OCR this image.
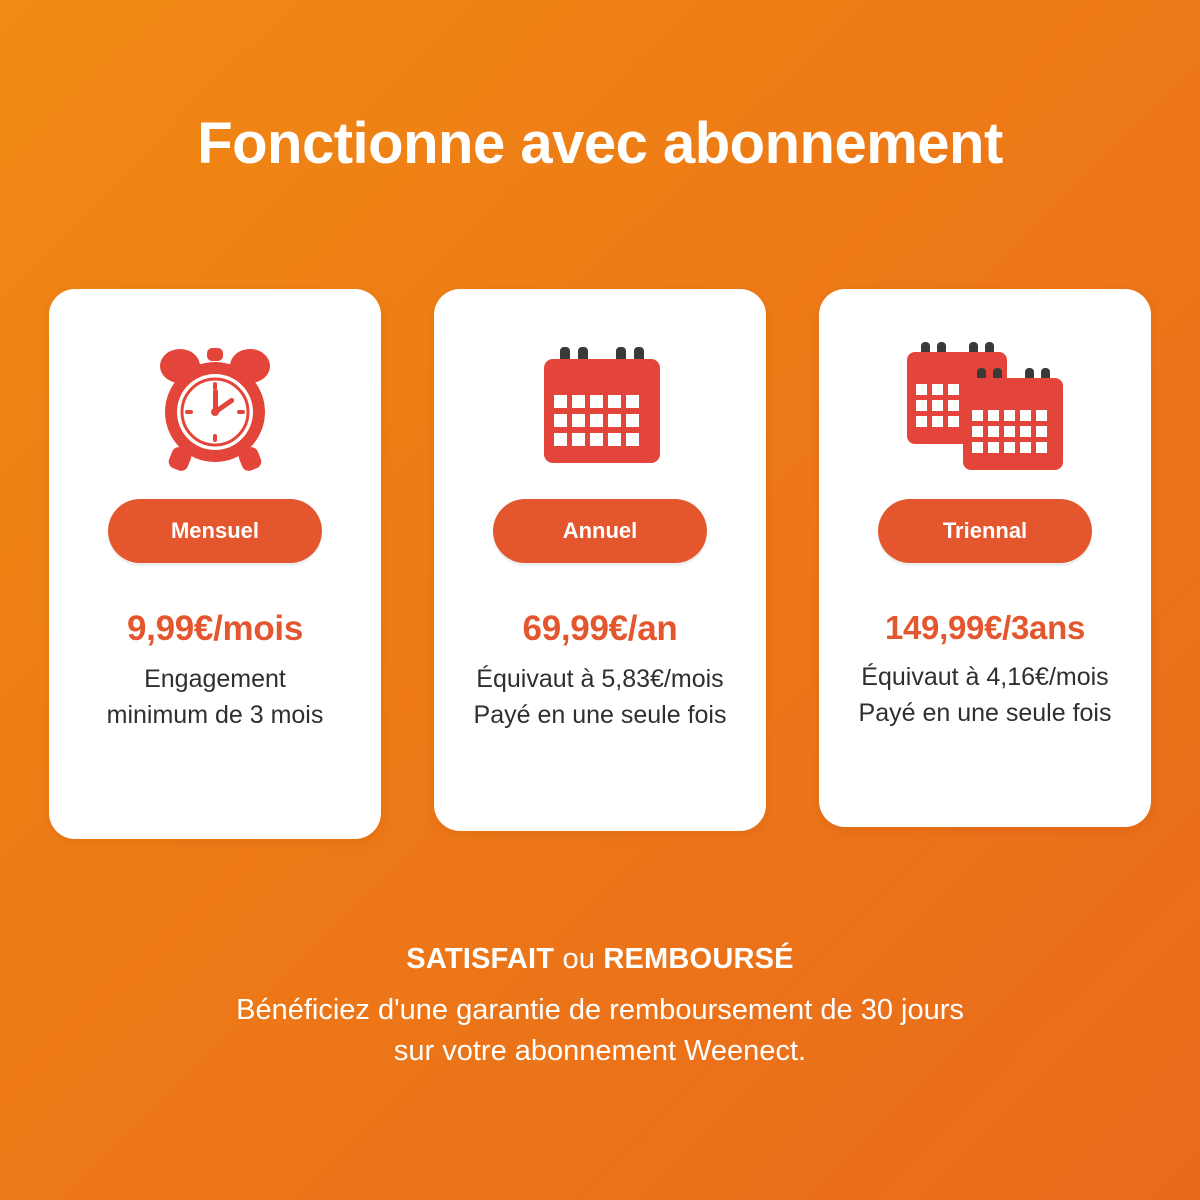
Fonctionne avec abonnement
Mensuel
9,99€/mois
Engagement
minimum de 3 mois
Annuel
69,99€/an
Équivaut à 5,83€/mois
Payé en une seule fois
Triennal
149,99€/3ans
Équivaut à 4,16€/mois
Payé en une seule fois
SATISFAIT ou REMBOURSÉ
Bénéficiez d'une garantie de remboursement de 30 jours
sur votre abonnement Weenect.
